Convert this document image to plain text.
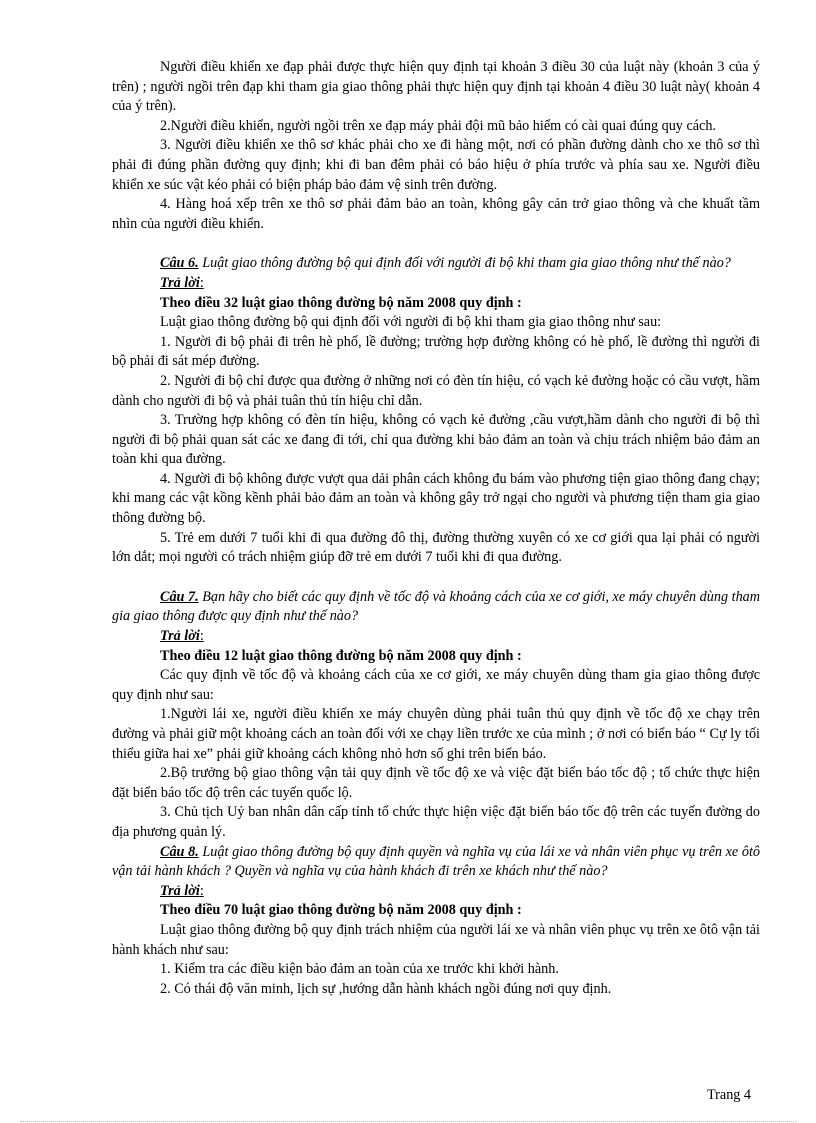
Người điều khiển xe đạp phải được thực hiện quy định tại khoản 3 điều 30 của luật này (khoản 3 của ý trên) ; người ngồi trên đạp khi tham gia giao thông phải thực hiện quy định tại khoản 4 điều 30 luật này( khoản 4 của ý trên).

2.Người điều khiển, người ngồi trên xe đạp máy phải đội mũ bảo hiểm có cài quai đúng quy cách.

3. Người điều khiển xe thô sơ khác phải cho xe đi hàng một, nơi có phần đường dành cho xe thô sơ thì phải đi đúng phần đường quy định; khi đi ban đêm phải có báo hiệu ở phía trước và phía sau xe. Người điều khiển xe súc vật kéo phải có biện pháp bảo đảm vệ sinh trên đường.

4. Hàng hoá xếp trên xe thô sơ phải đảm bảo an toàn, không gây cản trở giao thông và che khuất tầm nhìn của người điều khiển.

Câu 6. Luật giao thông đường bộ qui định đối với người đi bộ khi tham gia giao thông như thế nào?

Trả lời:

Theo điều 32 luật giao thông đường bộ năm 2008 quy định :

Luật giao thông đường bộ qui định đối với người đi bộ khi tham gia giao thông như sau:

1. Người đi bộ phải đi trên hè phố, lề đường; trường hợp đường không có hè phố, lề đường thì người đi bộ phải đi sát mép đường.

2. Người đi bộ chỉ được qua đường ở những nơi có đèn tín hiệu, có vạch kẻ đường hoặc có cầu vượt, hầm dành cho người đi bộ và phải tuân thủ tín hiệu chỉ dẫn.

3. Trường hợp không có đèn tín hiệu, không có vạch kẻ đường ,cầu vượt,hầm dành cho người đi bộ thì người đi bộ phải quan sát các xe đang đi tới, chỉ qua đường khi bảo đảm an toàn và chịu trách nhiệm bảo đảm an toàn khi qua đường.

4. Người đi bộ không được vượt qua dải phân cách không đu bám vào phương tiện giao thông đang chạy; khi mang các vật kồng kềnh phải bảo đảm an toàn và không gây trở ngại cho người và phương tiện tham gia giao thông đường bộ.

5. Trẻ em dưới 7 tuổi khi đi qua đường đô thị, đường thường xuyên có xe cơ giới qua lại phải có người lớn dắt; mọi người có trách nhiệm giúp đỡ trẻ em dưới 7 tuổi khi đi qua đường.

Câu 7. Bạn hãy cho biết các quy định về tốc độ và khoảng cách của xe cơ giới, xe máy chuyên dùng tham gia giao thông được quy định như thế nào?

Trả lời:

Theo điều 12 luật giao thông đường bộ năm 2008 quy định :

Các quy định về tốc độ và khoảng cách của xe cơ giới, xe máy chuyên dùng tham gia giao thông được quy định như sau:

1.Người lái xe, người điều khiển xe máy chuyên dùng phải tuân thủ quy định về tốc độ xe chạy trên đường và phải giữ một khoảng cách an toàn đối với xe chạy liền trước xe của mình ; ở nơi có biển báo “ Cự ly tối thiểu giữa hai xe” phải giữ khoảng cách không nhỏ hơn số ghi trên biển báo.

2.Bộ trưởng bộ giao thông vận tải quy định về tốc độ xe và việc đặt biển báo tốc độ ; tổ chức thực hiện đặt biển báo tốc độ trên các tuyến quốc lộ.

3. Chủ tịch Uỷ ban nhân dân cấp tỉnh tổ chức thực hiện việc đặt biển báo tốc độ trên các tuyến đường do địa phương quản lý.

Câu 8. Luật giao thông đường bộ quy định quyền và nghĩa vụ của lái xe và nhân viên phục vụ trên xe ôtô vận tải hành khách ? Quyền và nghĩa vụ của hành khách đi trên xe khách như thế nào?

Trả lời:

Theo điều 70 luật giao thông đường bộ năm 2008 quy định :

Luật giao thông đường bộ quy định trách nhiệm của người lái xe và nhân viên phục vụ trên xe ôtô vận tải hành khách như sau:

1. Kiểm tra các điều kiện bảo đảm an toàn của xe trước khi khởi hành.

2. Có thái độ văn minh, lịch sự ,hướng dẫn hành khách ngồi đúng nơi quy định.

Trang 4
